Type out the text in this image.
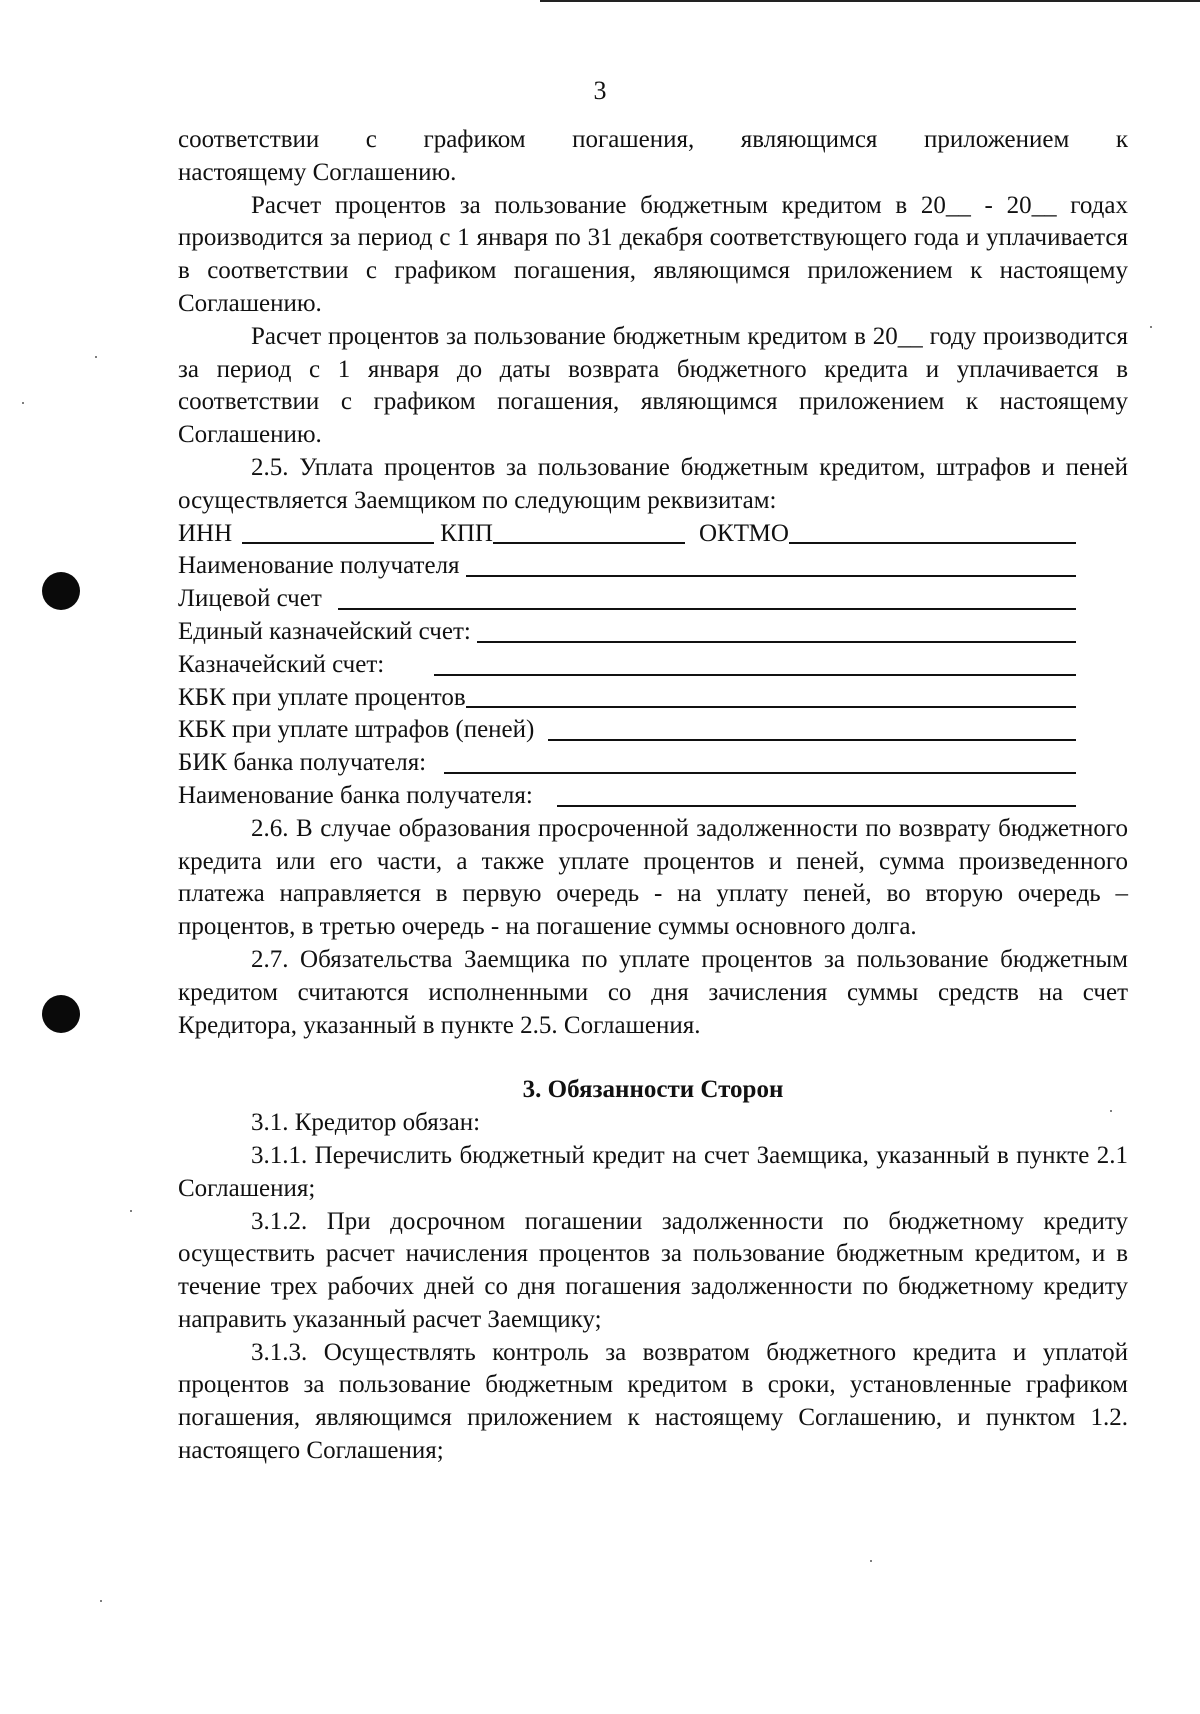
3

соответствии с графиком погашения, являющимся приложением к

настоящему Соглашению.

Расчет процентов за пользование бюджетным кредитом в 20__ - 20__ годах производится за период с 1 января по 31 декабря соответствующего года и уплачивается в соответствии с графиком погашения, являющимся приложением к настоящему Соглашению.

Расчет процентов за пользование бюджетным кредитом в 20__ году производится за период с 1 января до даты возврата бюджетного кредита и уплачивается в соответствии с графиком погашения, являющимся приложением к настоящему Соглашению.

2.5. Уплата процентов за пользование бюджетным кредитом, штрафов и пеней осуществляется Заемщиком по следующим реквизитам:

ИНН	КПП	ОКТМО
Наименование получателя
Лицевой счет
Единый казначейский счет:
Казначейский счет:
КБК при уплате процентов
КБК при уплате штрафов (пеней)
БИК банка получателя:
Наименование банка получателя:

2.6. В случае образования просроченной задолженности по возврату бюджетного кредита или его части, а также уплате процентов и пеней, сумма произведенного платежа направляется в первую очередь - на уплату пеней, во вторую очередь – процентов, в третью очередь - на погашение суммы основного долга.

2.7. Обязательства Заемщика по уплате процентов за пользование бюджетным кредитом считаются исполненными со дня зачисления суммы средств на счет Кредитора, указанный в пункте 2.5. Соглашения.

3. Обязанности Сторон

3.1. Кредитор обязан:

3.1.1. Перечислить бюджетный кредит на счет Заемщика, указанный в пункте 2.1 Соглашения;

3.1.2. При досрочном погашении задолженности по бюджетному кредиту осуществить расчет начисления процентов за пользование бюджетным кредитом, и в течение трех рабочих дней со дня погашения задолженности по бюджетному кредиту направить указанный расчет Заемщику;

3.1.3. Осуществлять контроль за возвратом бюджетного кредита и уплатой процентов за пользование бюджетным кредитом в сроки, установленные графиком погашения, являющимся приложением к настоящему Соглашению, и пунктом 1.2. настоящего Соглашения;
